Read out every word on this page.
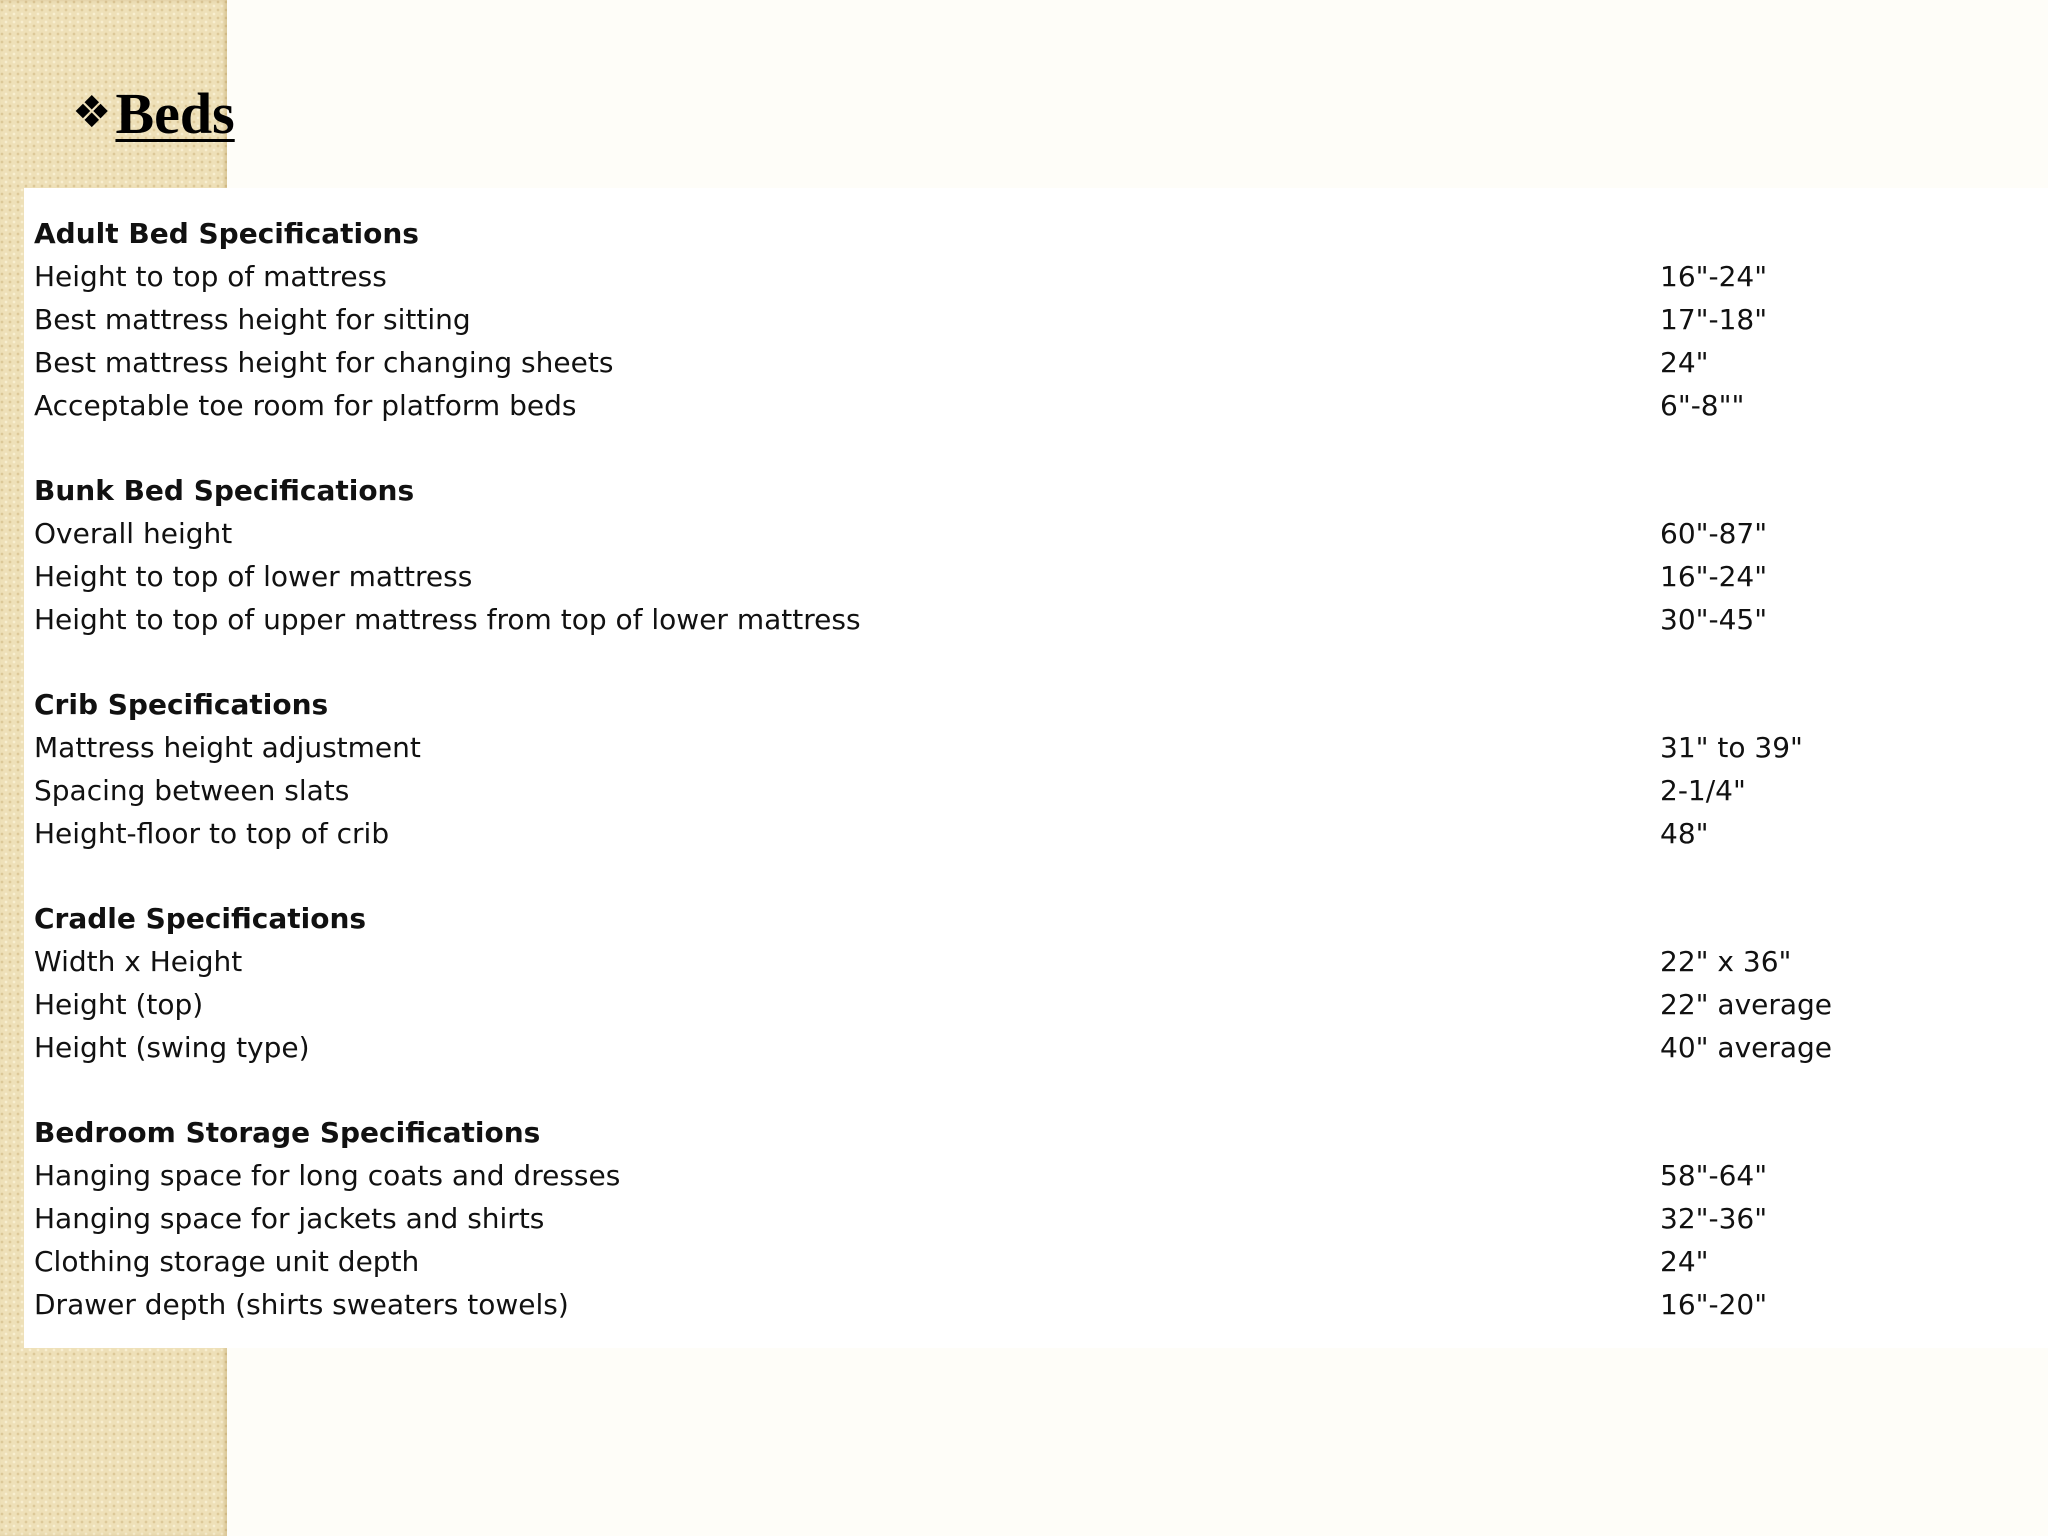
❖Beds
Adult Bed Specifications
Height to top of mattress	16"-24"
Best mattress height for sitting	17"-18"
Best mattress height for changing sheets	24"
Acceptable toe room for platform beds	6"-8""
Bunk Bed Specifications
Overall height	60"-87"
Height to top of lower mattress	16"-24"
Height to top of upper mattress from top of lower mattress	30"-45"
Crib Specifications
Mattress height adjustment	31" to 39"
Spacing between slats	2-1/4"
Height-floor to top of crib	48"
Cradle Specifications
Width x Height	22" x 36"
Height (top)	22" average
Height (swing type)	40" average
Bedroom Storage Specifications
Hanging space for long coats and dresses	58"-64"
Hanging space for jackets and shirts	32"-36"
Clothing storage unit depth	24"
Drawer depth (shirts sweaters towels)	16"-20"
